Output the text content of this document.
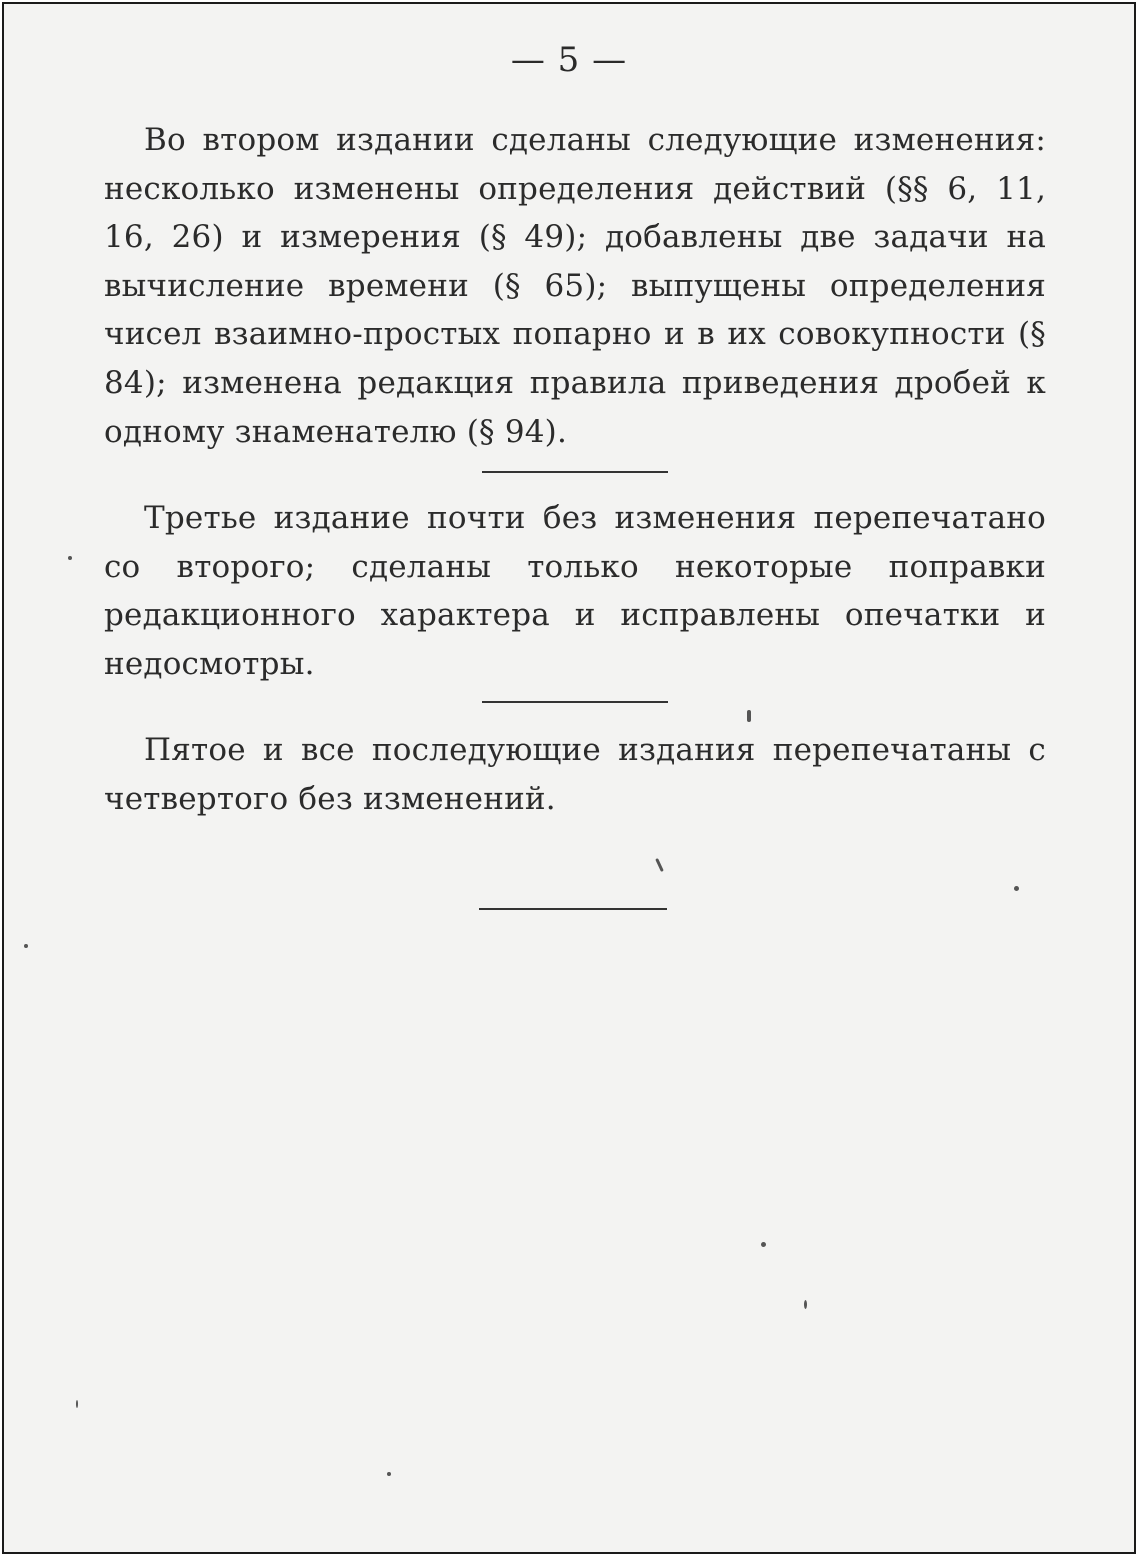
— 5 —

Во втором издании сделаны следующие изменения: несколько изменены определения действий (§§ 6, 11, 16, 26) и измерения (§ 49); добавлены две задачи на вычисление времени (§ 65); выпущены определения чисел взаимно-простых попарно и в их совокупности (§ 84); изменена редакция правила приведения дробей к одному знаменателю (§ 94).

Третье издание почти без изменения перепечатано со второго; сделаны только некоторые поправки редакционного характера и исправлены опечатки и недосмотры.

Пятое и все последующие издания перепечатаны с четвертого без изменений.
